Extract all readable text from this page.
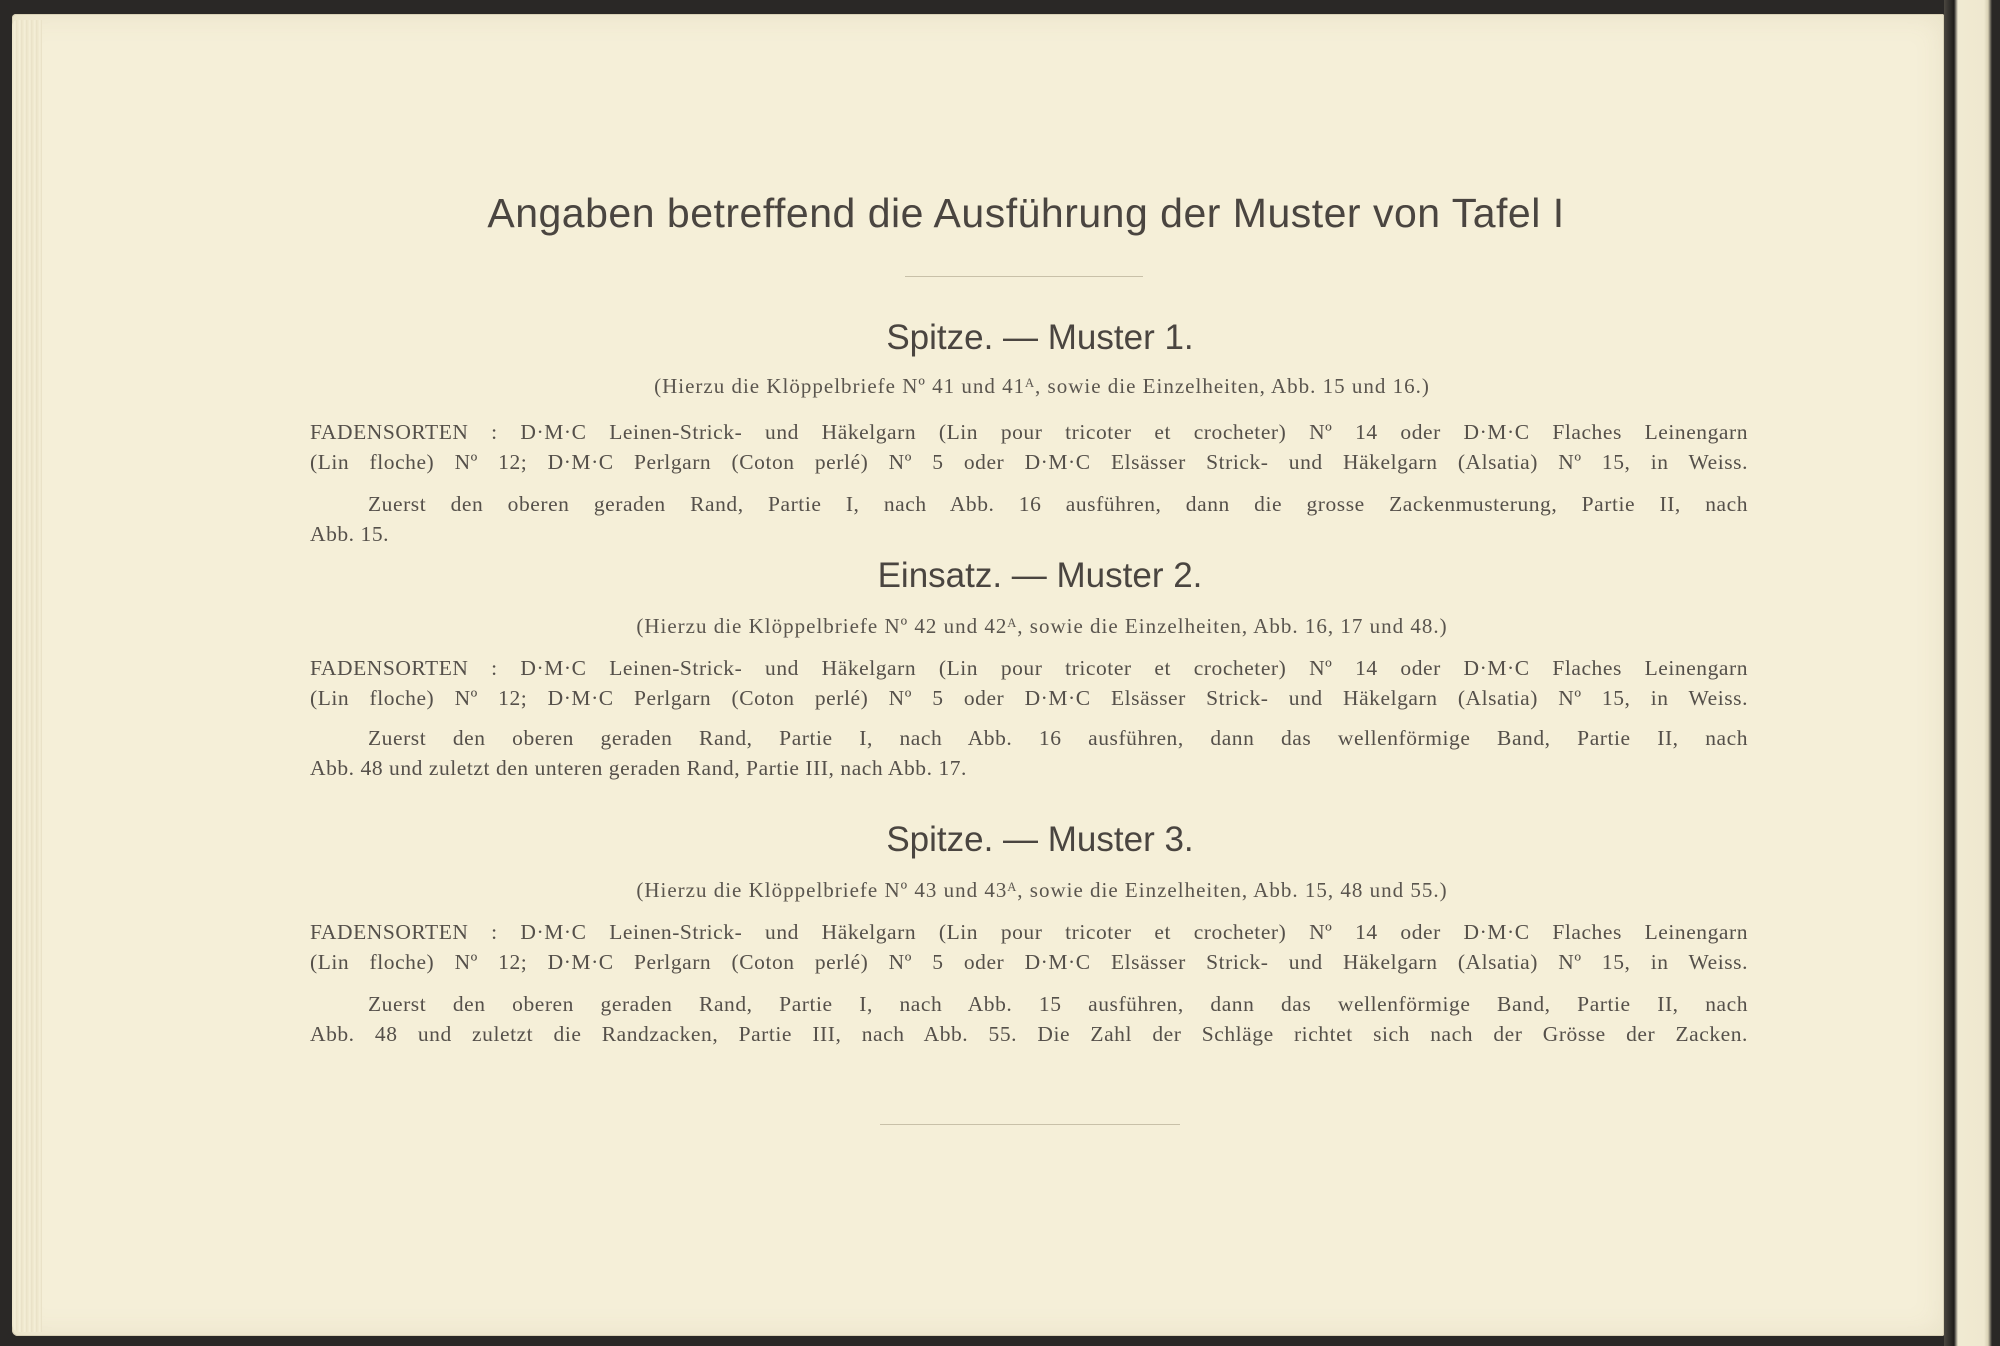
Angaben betreffend die Ausführung der Muster von Tafel I
Spitze. — Muster 1.
(Hierzu die Klöppelbriefe Nº 41 und 41ᴬ, sowie die Einzelheiten, Abb. 15 und 16.)
FADENSORTEN : D·M·C Leinen-Strick- und Häkelgarn (Lin pour tricoter et crocheter) Nº 14 oder D·M·C Flaches Leinengarn
(Lin floche) Nº 12; D·M·C Perlgarn (Coton perlé) Nº 5 oder D·M·C Elsässer Strick- und Häkelgarn (Alsatia) Nº 15, in Weiss.
Zuerst den oberen geraden Rand, Partie I, nach Abb. 16 ausführen, dann die grosse Zackenmusterung, Partie II, nach
Abb. 15.
Einsatz. — Muster 2.
(Hierzu die Klöppelbriefe Nº 42 und 42ᴬ, sowie die Einzelheiten, Abb. 16, 17 und 48.)
FADENSORTEN : D·M·C Leinen-Strick- und Häkelgarn (Lin pour tricoter et crocheter) Nº 14 oder D·M·C Flaches Leinengarn
(Lin floche) Nº 12; D·M·C Perlgarn (Coton perlé) Nº 5 oder D·M·C Elsässer Strick- und Häkelgarn (Alsatia) Nº 15, in Weiss.
Zuerst den oberen geraden Rand, Partie I, nach Abb. 16 ausführen, dann das wellenförmige Band, Partie II, nach
Abb. 48 und zuletzt den unteren geraden Rand, Partie III, nach Abb. 17.
Spitze. — Muster 3.
(Hierzu die Klöppelbriefe Nº 43 und 43ᴬ, sowie die Einzelheiten, Abb. 15, 48 und 55.)
FADENSORTEN : D·M·C Leinen-Strick- und Häkelgarn (Lin pour tricoter et crocheter) Nº 14 oder D·M·C Flaches Leinengarn
(Lin floche) Nº 12; D·M·C Perlgarn (Coton perlé) Nº 5 oder D·M·C Elsässer Strick- und Häkelgarn (Alsatia) Nº 15, in Weiss.
Zuerst den oberen geraden Rand, Partie I, nach Abb. 15 ausführen, dann das wellenförmige Band, Partie II, nach
Abb. 48 und zuletzt die Randzacken, Partie III, nach Abb. 55. Die Zahl der Schläge richtet sich nach der Grösse der Zacken.
